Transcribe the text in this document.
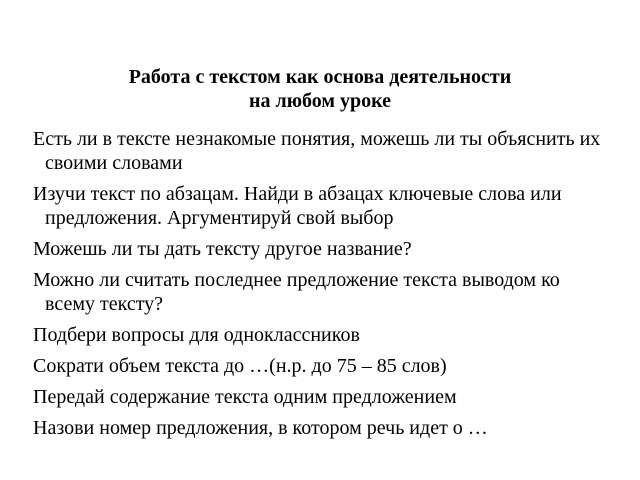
Работа с текстом как основа деятельности
на любом уроке
Есть ли в тексте незнакомые понятия, можешь ли ты объяснить их своими словами
Изучи текст по абзацам. Найди в абзацах ключевые слова или предложения. Аргументируй свой выбор
Можешь ли ты дать тексту другое название?
Можно ли считать последнее предложение текста выводом ко всему тексту?
Подбери вопросы для одноклассников
Сократи объем текста до …(н.р. до 75 – 85 слов)
Передай содержание текста одним предложением
Назови номер предложения, в котором речь идет о …
